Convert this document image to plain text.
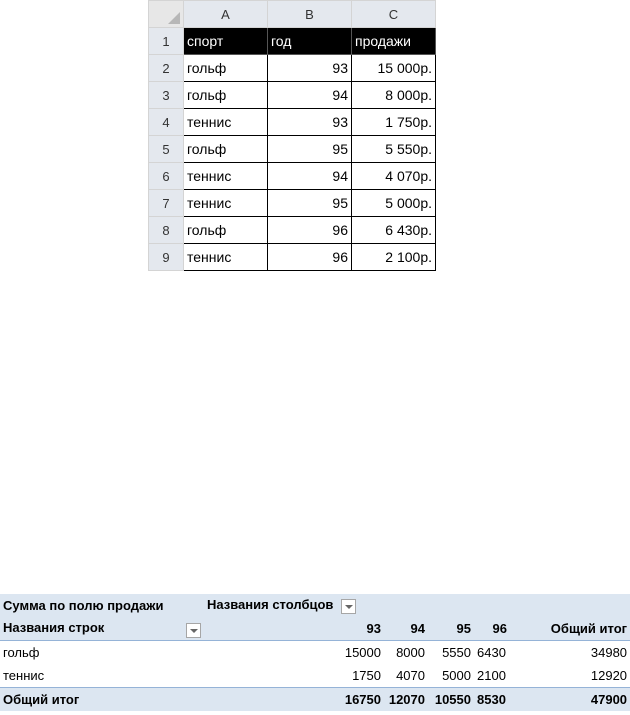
	A	B	C
1	спорт	год	продажи
2	гольф	93	15 000р.
3	гольф	94	8 000р.
4	теннис	93	1 750р.
5	гольф	95	5 550р.
6	теннис	94	4 070р.
7	теннис	95	5 000р.
8	гольф	96	6 430р.
9	теннис	96	2 100р.
Сумма по полю продажи	Названия столбцов				
Названия строк	93	94	95	96	Общий итог
гольф	15000	8000	5550	6430	34980
теннис	1750	4070	5000	2100	12920
Общий итог	16750	12070	10550	8530	47900
